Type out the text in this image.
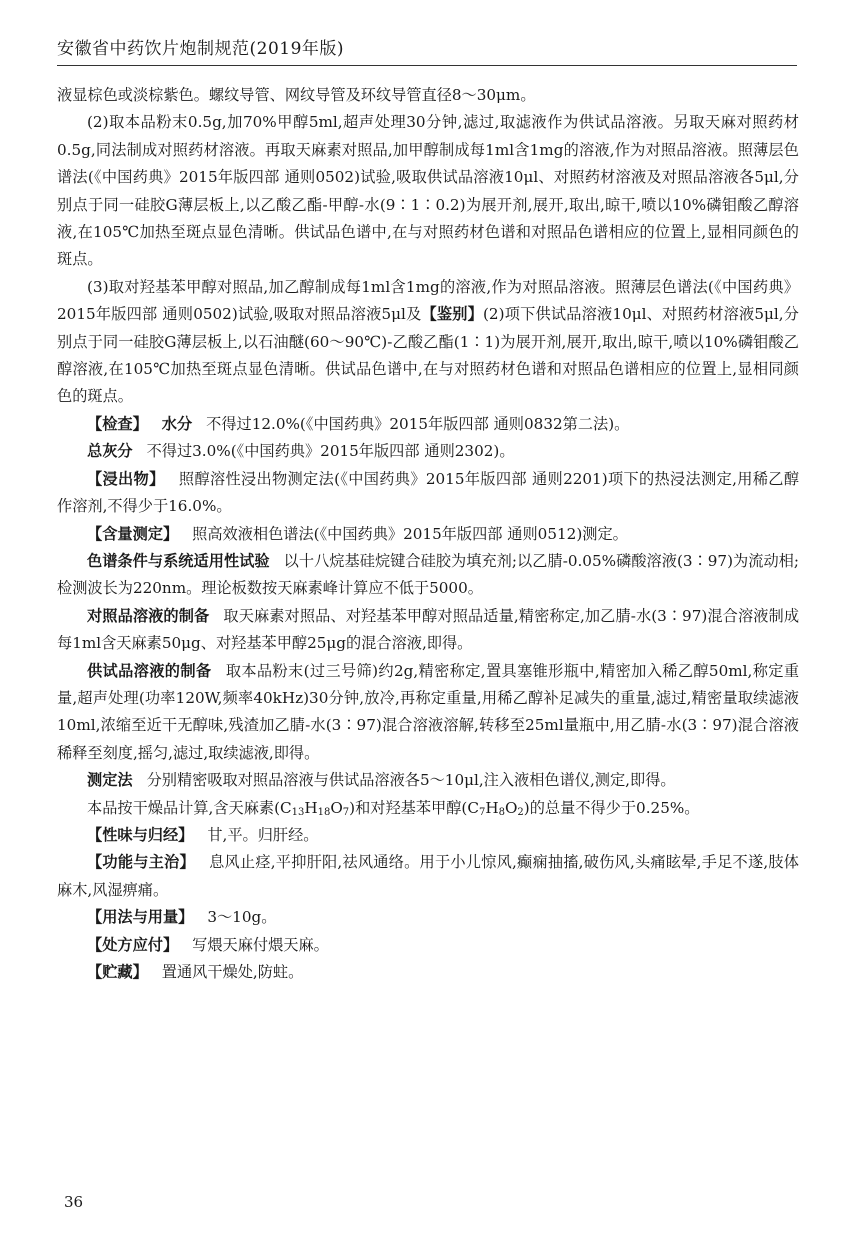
安徽省中药饮片炮制规范(2019年版)

液显棕色或淡棕紫色。螺纹导管、网纹导管及环纹导管直径8～30μm。

(2)取本品粉末0.5g,加70%甲醇5ml,超声处理30分钟,滤过,取滤液作为供试品溶液。另取天麻对照药材0.5g,同法制成对照药材溶液。再取天麻素对照品,加甲醇制成每1ml含1mg的溶液,作为对照品溶液。照薄层色谱法(《中国药典》2015年版四部 通则0502)试验,吸取供试品溶液10μl、对照药材溶液及对照品溶液各5μl,分别点于同一硅胶G薄层板上,以乙酸乙酯-甲醇-水(9∶1∶0.2)为展开剂,展开,取出,晾干,喷以10%磷钼酸乙醇溶液,在105℃加热至斑点显色清晰。供试品色谱中,在与对照药材色谱和对照品色谱相应的位置上,显相同颜色的斑点。

(3)取对羟基苯甲醇对照品,加乙醇制成每1ml含1mg的溶液,作为对照品溶液。照薄层色谱法(《中国药典》2015年版四部 通则0502)试验,吸取对照品溶液5μl及【鉴别】(2)项下供试品溶液10μl、对照药材溶液5μl,分别点于同一硅胶G薄层板上,以石油醚(60～90℃)-乙酸乙酯(1∶1)为展开剂,展开,取出,晾干,喷以10%磷钼酸乙醇溶液,在105℃加热至斑点显色清晰。供试品色谱中,在与对照药材色谱和对照品色谱相应的位置上,显相同颜色的斑点。

【检查】 水分 不得过12.0%(《中国药典》2015年版四部 通则0832第二法)。

总灰分 不得过3.0%(《中国药典》2015年版四部 通则2302)。

【浸出物】 照醇溶性浸出物测定法(《中国药典》2015年版四部 通则2201)项下的热浸法测定,用稀乙醇作溶剂,不得少于16.0%。

【含量测定】 照高效液相色谱法(《中国药典》2015年版四部 通则0512)测定。

色谱条件与系统适用性试验 以十八烷基硅烷键合硅胶为填充剂;以乙腈-0.05%磷酸溶液(3∶97)为流动相;检测波长为220nm。理论板数按天麻素峰计算应不低于5000。

对照品溶液的制备 取天麻素对照品、对羟基苯甲醇对照品适量,精密称定,加乙腈-水(3∶97)混合溶液制成每1ml含天麻素50μg、对羟基苯甲醇25μg的混合溶液,即得。

供试品溶液的制备 取本品粉末(过三号筛)约2g,精密称定,置具塞锥形瓶中,精密加入稀乙醇50ml,称定重量,超声处理(功率120W,频率40kHz)30分钟,放冷,再称定重量,用稀乙醇补足减失的重量,滤过,精密量取续滤液10ml,浓缩至近干无醇味,残渣加乙腈-水(3∶97)混合溶液溶解,转移至25ml量瓶中,用乙腈-水(3∶97)混合溶液稀释至刻度,摇匀,滤过,取续滤液,即得。

测定法 分别精密吸取对照品溶液与供试品溶液各5～10μl,注入液相色谱仪,测定,即得。

本品按干燥品计算,含天麻素$(C_{13}H_{18}O_7)$和对羟基苯甲醇$(C_7H_8O_2)$的总量不得少于0.25%。

【性味与归经】 甘,平。归肝经。

【功能与主治】 息风止痉,平抑肝阳,祛风通络。用于小儿惊风,癫痫抽搐,破伤风,头痛眩晕,手足不遂,肢体麻木,风湿痹痛。

【用法与用量】 3～10g。

【处方应付】 写煨天麻付煨天麻。

【贮藏】 置通风干燥处,防蛀。

36
